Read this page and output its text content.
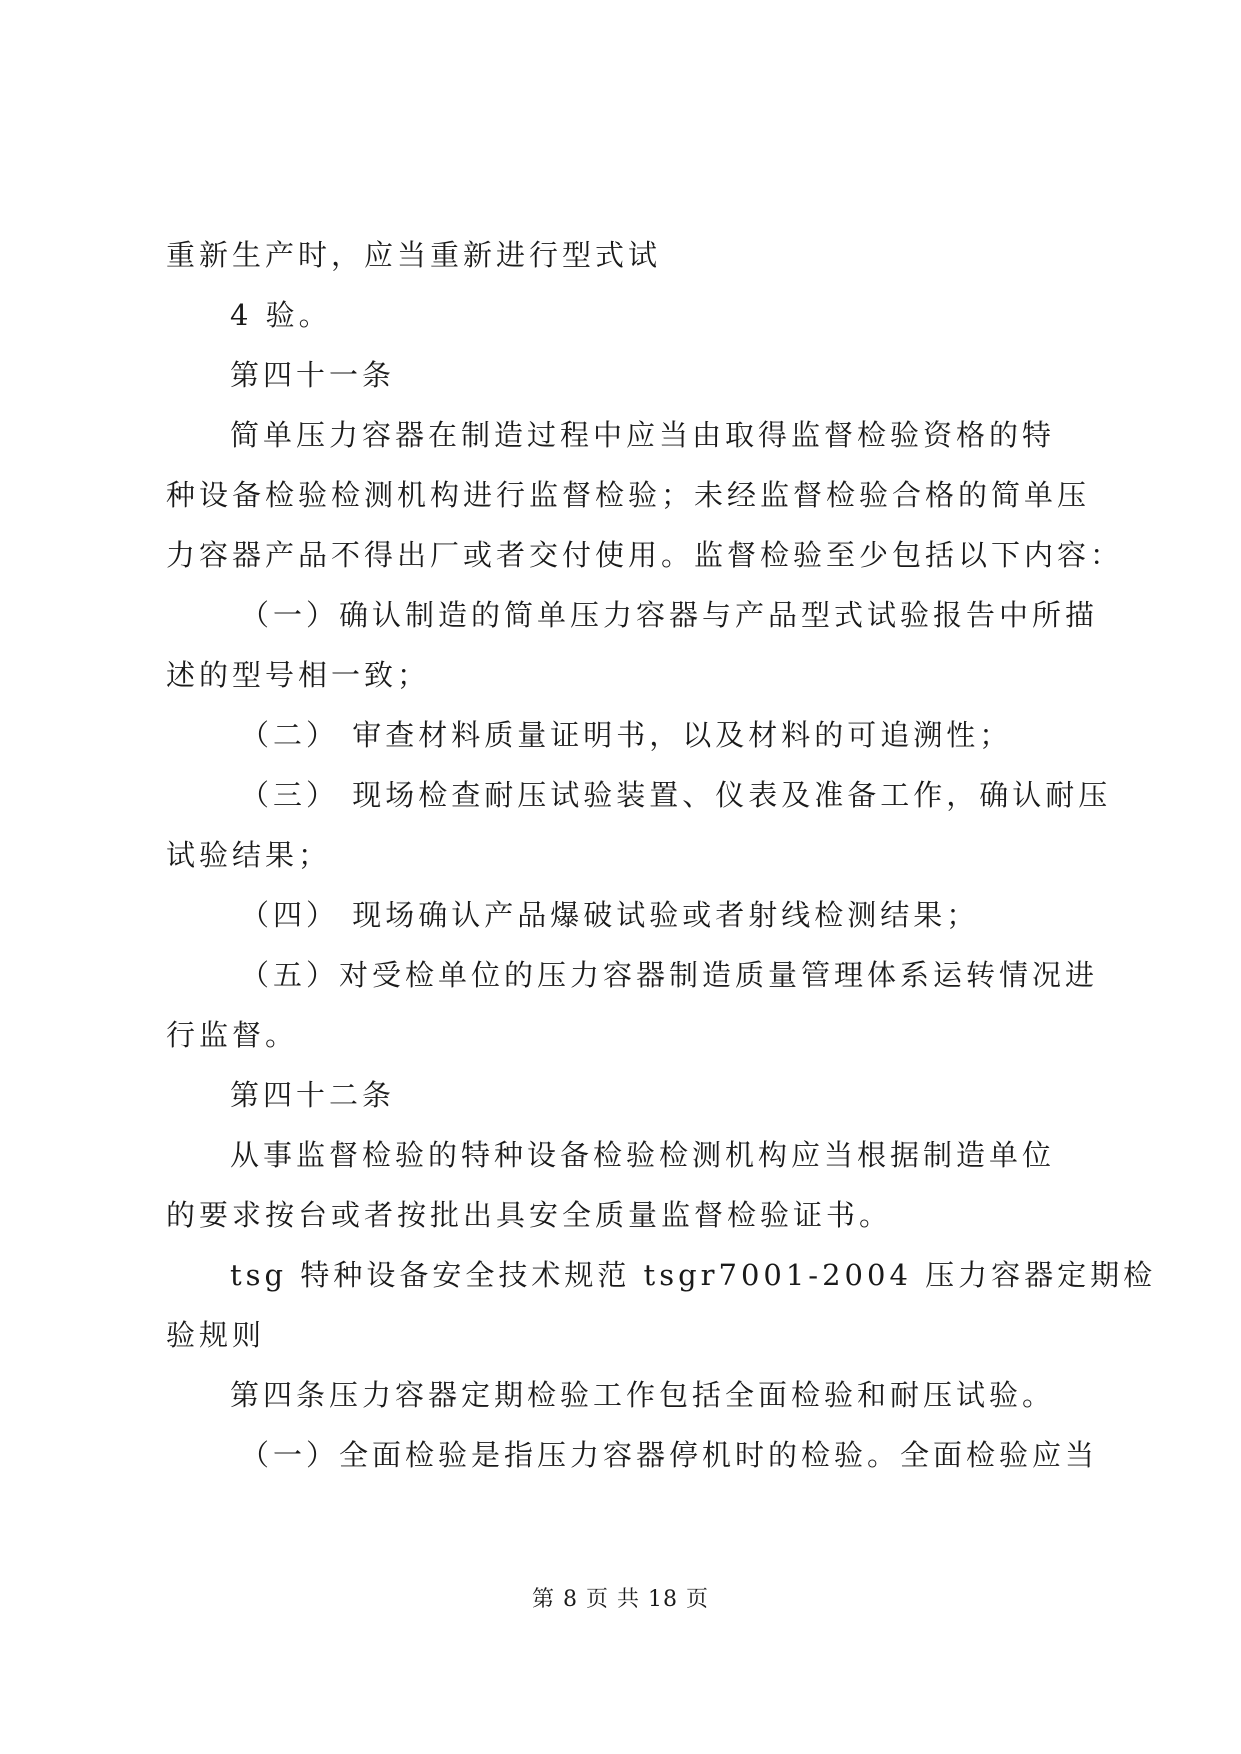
重新生产时，应当重新进行型式试
4 验。
第四十一条
简单压力容器在制造过程中应当由取得监督检验资格的特
种设备检验检测机构进行监督检验；未经监督检验合格的简单压
力容器产品不得出厂或者交付使用。监督检验至少包括以下内容：
（一）确认制造的简单压力容器与产品型式试验报告中所描
述的型号相一致；
（二） 审查材料质量证明书，以及材料的可追溯性；
（三） 现场检查耐压试验装置、仪表及准备工作，确认耐压
试验结果；
（四） 现场确认产品爆破试验或者射线检测结果；
（五）对受检单位的压力容器制造质量管理体系运转情况进
行监督。
第四十二条
从事监督检验的特种设备检验检测机构应当根据制造单位
的要求按台或者按批出具安全质量监督检验证书。
tsg 特种设备安全技术规范 tsgr7001-2004 压力容器定期检
验规则
第四条压力容器定期检验工作包括全面检验和耐压试验。
（一）全面检验是指压力容器停机时的检验。全面检验应当
第 8 页 共 18 页
